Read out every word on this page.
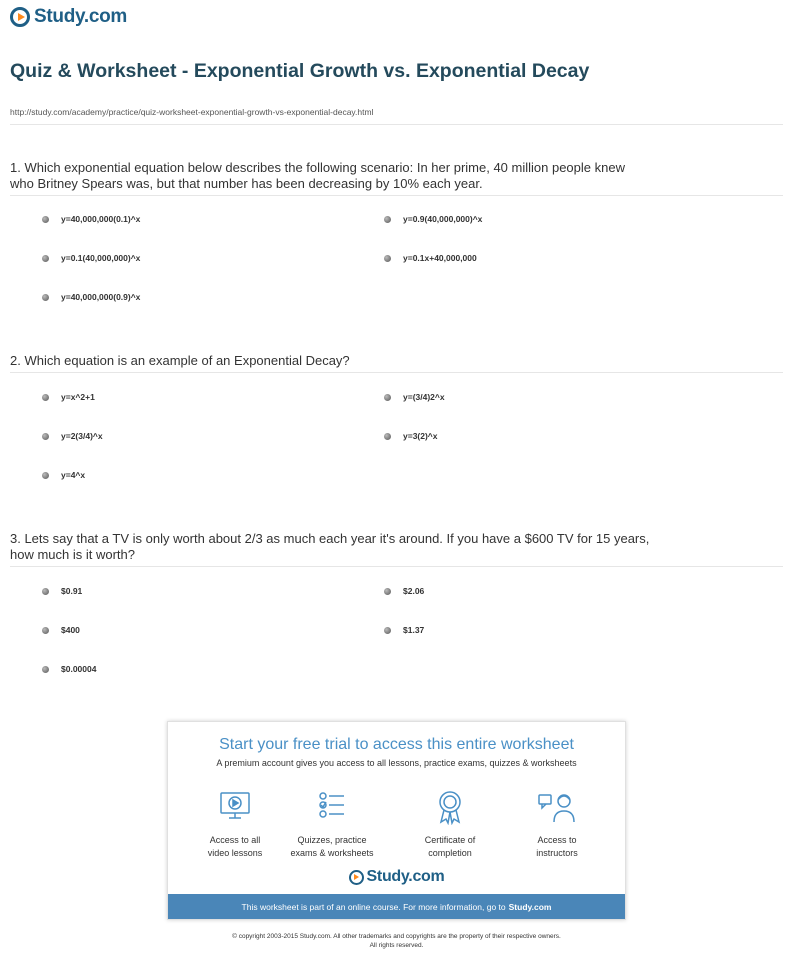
Study.com
Quiz & Worksheet - Exponential Growth vs. Exponential Decay
http://study.com/academy/practice/quiz-worksheet-exponential-growth-vs-exponential-decay.html
1. Which exponential equation below describes the following scenario: In her prime, 40 million people knew who Britney Spears was, but that number has been decreasing by 10% each year.
y=40,000,000(0.1)^x	y=0.9(40,000,000)^x
y=0.1(40,000,000)^x	y=0.1x+40,000,000
y=40,000,000(0.9)^x
2. Which equation is an example of an Exponential Decay?
y=x^2+1	y=(3/4)2^x
y=2(3/4)^x	y=3(2)^x
y=4^x
3. Lets say that a TV is only worth about 2/3 as much each year it's around. If you have a $600 TV for 15 years, how much is it worth?
$0.91	$2.06
$400	$1.37
$0.00004
Start your free trial to access this entire worksheet
A premium account gives you access to all lessons, practice exams, quizzes & worksheets
Access to all
video lessons
Quizzes, practice
exams & worksheets
Certificate of
completion
Access to
instructors
Study.com
This worksheet is part of an online course. For more information, go to Study.com
© copyright 2003-2015 Study.com. All other trademarks and copyrights are the property of their respective owners.
All rights reserved.
